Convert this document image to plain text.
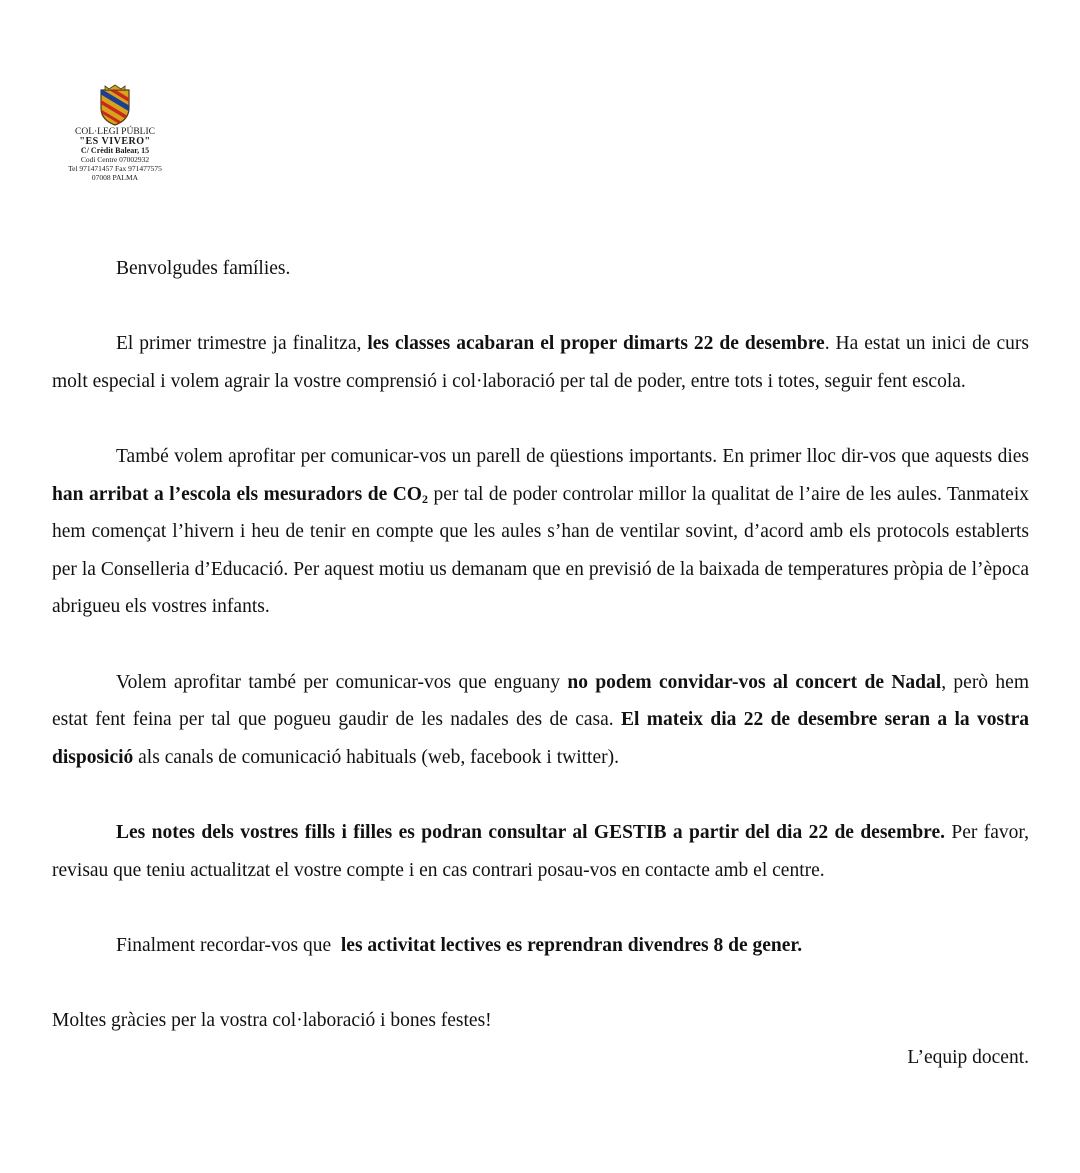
COL·LEGI PÚBLIC
"ES VIVERO"
C/ Crèdit Balear, 15
Codi Centre 07002932
Tel 971471457 Fax 971477575
07008 PALMA

Benvolgudes famílies.

El primer trimestre ja finalitza, les classes acabaran el proper dimarts 22 de desembre. Ha estat un inici de curs molt especial i volem agrair la vostre comprensió i col·laboració per tal de poder, entre tots i totes, seguir fent escola.

També volem aprofitar per comunicar-vos un parell de qüestions importants. En primer lloc dir-vos que aquests dies han arribat a l’escola els mesuradors de $CO_2$ per tal de poder controlar millor la qualitat de l’aire de les aules. Tanmateix hem començat l’hivern i heu de tenir en compte que les aules s’han de ventilar sovint, d’acord amb els protocols establerts per la Conselleria d’Educació. Per aquest motiu us demanam que en previsió de la baixada de temperatures pròpia de l’època abrigueu els vostres infants.

Volem aprofitar també per comunicar-vos que enguany no podem convidar-vos al concert de Nadal, però hem estat fent feina per tal que pogueu gaudir de les nadales des de casa. El mateix dia 22 de desembre seran a la vostra disposició als canals de comunicació habituals (web, facebook i twitter).

Les notes dels vostres fills i filles es podran consultar al GESTIB a partir del dia 22 de desembre. Per favor, revisau que teniu actualitzat el vostre compte i en cas contrari posau-vos en contacte amb el centre.

Finalment recordar-vos que  les activitat lectives es reprendran divendres 8 de gener.

Moltes gràcies per la vostra col·laboració i bones festes!

L’equip docent.
